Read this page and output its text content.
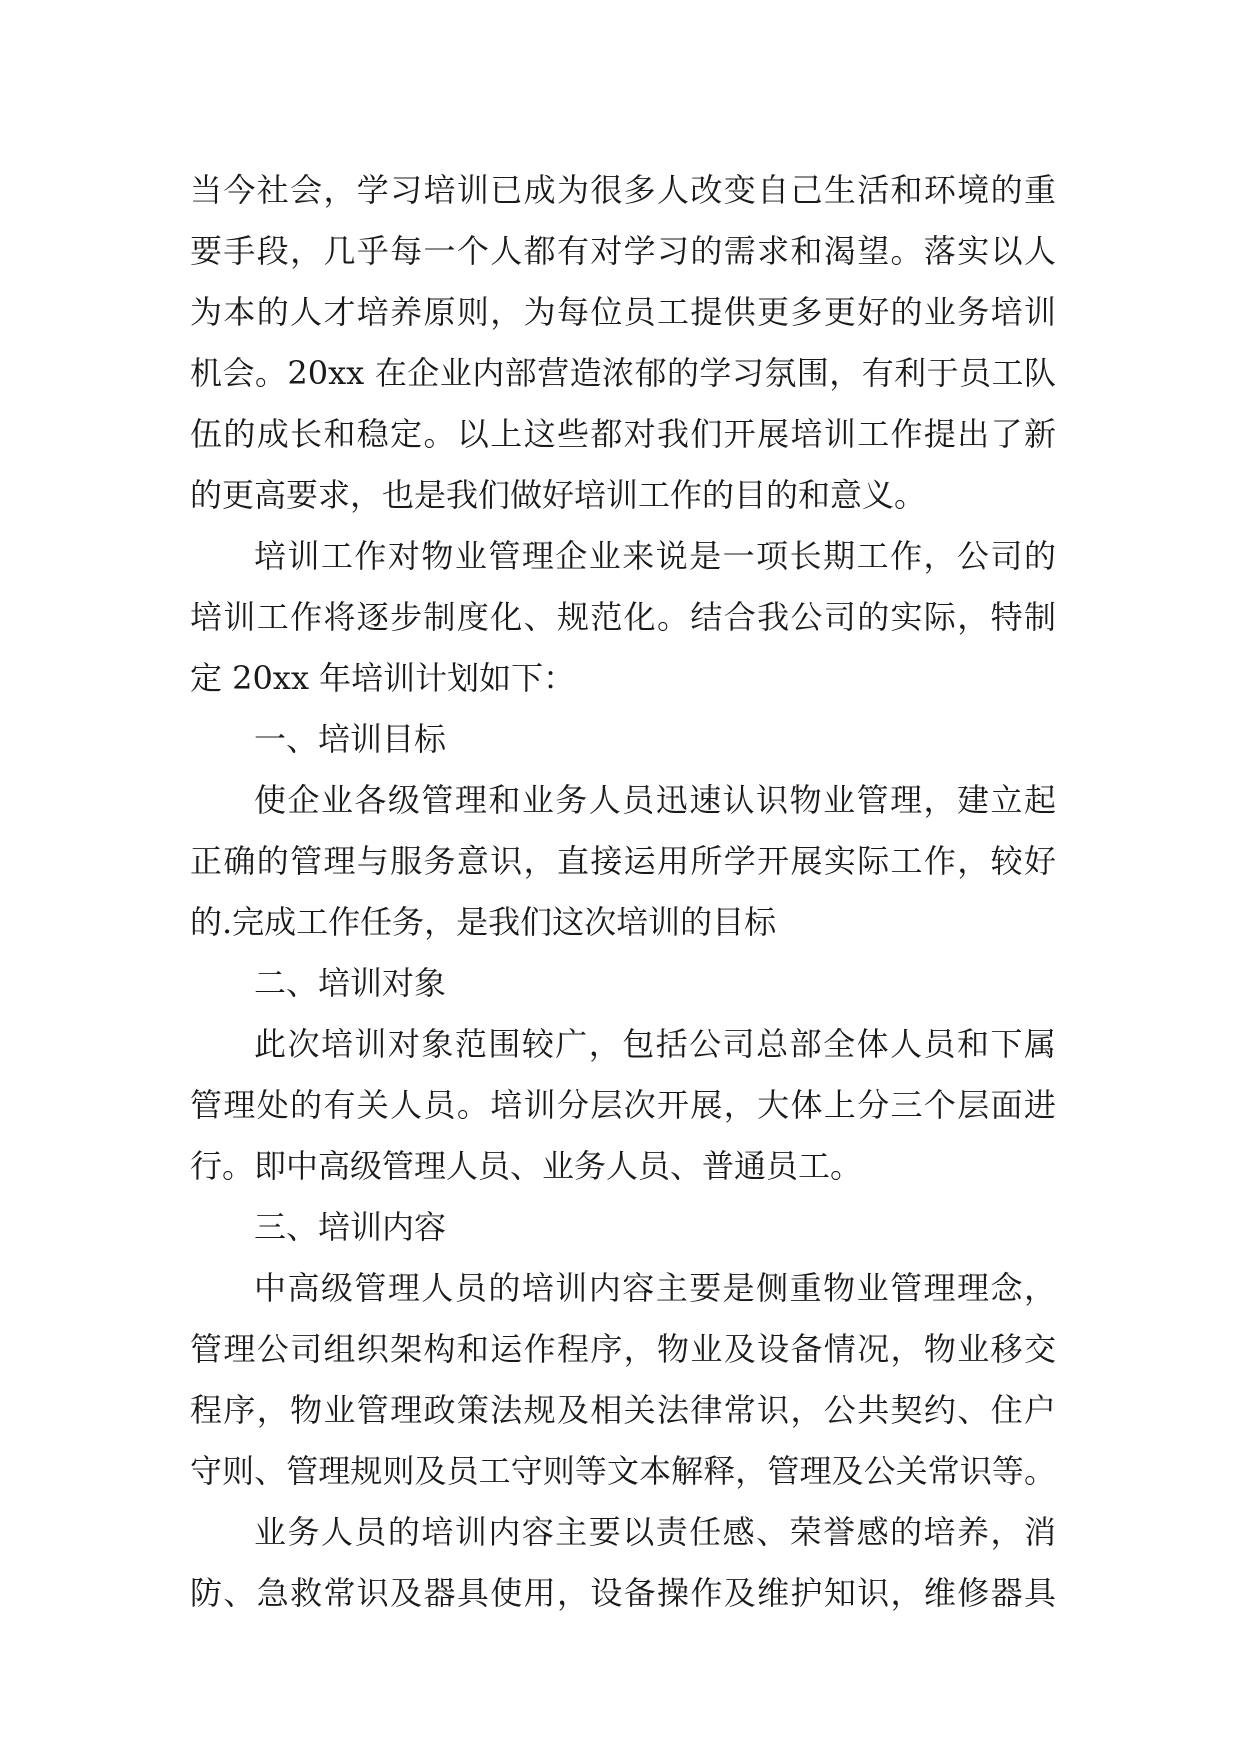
当今社会，学习培训已成为很多人改变自己生活和环境的重
要手段，几乎每一个人都有对学习的需求和渴望。落实以人
为本的人才培养原则，为每位员工提供更多更好的业务培训
机会。20xx 在企业内部营造浓郁的学习氛围，有利于员工队
伍的成长和稳定。以上这些都对我们开展培训工作提出了新
的更高要求，也是我们做好培训工作的目的和意义。
培训工作对物业管理企业来说是一项长期工作，公司的
培训工作将逐步制度化、规范化。结合我公司的实际，特制
定 20xx 年培训计划如下：
一、培训目标
使企业各级管理和业务人员迅速认识物业管理，建立起
正确的管理与服务意识，直接运用所学开展实际工作，较好
的.完成工作任务，是我们这次培训的目标
二、培训对象
此次培训对象范围较广，包括公司总部全体人员和下属
管理处的有关人员。培训分层次开展，大体上分三个层面进
行。即中高级管理人员、业务人员、普通员工。
三、培训内容
中高级管理人员的培训内容主要是侧重物业管理理念，
管理公司组织架构和运作程序，物业及设备情况，物业移交
程序，物业管理政策法规及相关法律常识，公共契约、住户
守则、管理规则及员工守则等文本解释，管理及公关常识等。
业务人员的培训内容主要以责任感、荣誉感的培养，消
防、急救常识及器具使用，设备操作及维护知识，维修器具
